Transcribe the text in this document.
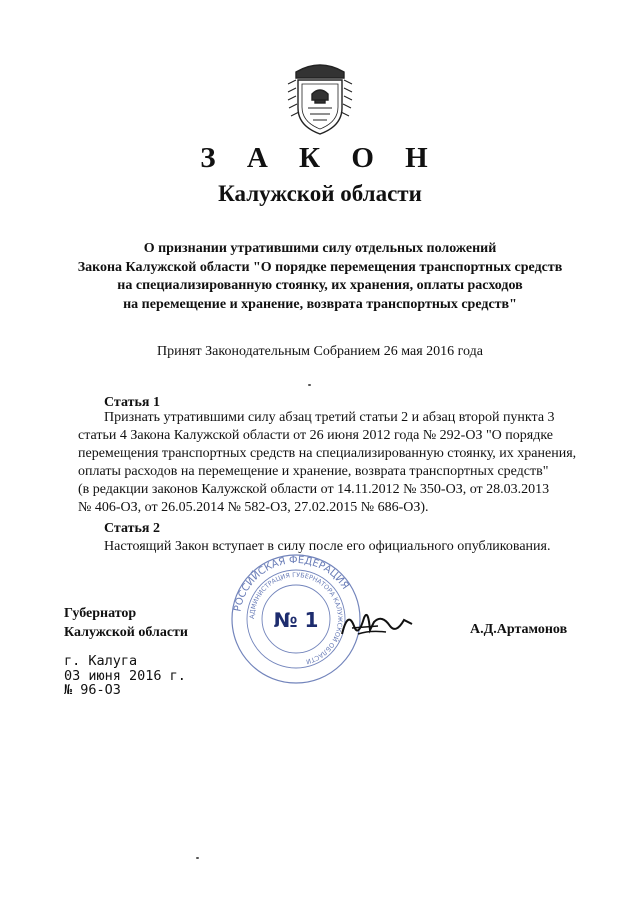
З А К О Н
Калужской области
О признании утратившими силу отдельных положений
Закона Калужской области "О порядке перемещения транспортных средств
на специализированную стоянку, их хранения, оплаты расходов
на перемещение и хранение, возврата транспортных средств"
Принят Законодательным Собранием 26 мая 2016 года
Статья 1
Признать утратившими силу абзац третий статьи 2 и абзац второй пункта 3
статьи 4 Закона Калужской области от 26 июня 2012 года № 292-ОЗ "О порядке
перемещения транспортных средств на специализированную стоянку, их хранения,
оплаты расходов на перемещение и хранение, возврата транспортных средств"
(в редакции законов Калужской области от 14.11.2012 № 350-ОЗ, от 28.03.2013
№ 406-ОЗ, от 26.05.2014 № 582-ОЗ, 27.02.2015 № 686-ОЗ).
Статья 2
Настоящий Закон вступает в силу после его официального опубликования.
РОССИЙСКАЯ ФЕДЕРАЦИЯ
АДМИНИСТРАЦИЯ ГУБЕРНАТОРА КАЛУЖСКОЙ ОБЛАСТИ
№ 1
Губернатор
Калужской области	А.Д.Артамонов
г. Калуга
03 июня 2016 г.
№ 96-ОЗ
